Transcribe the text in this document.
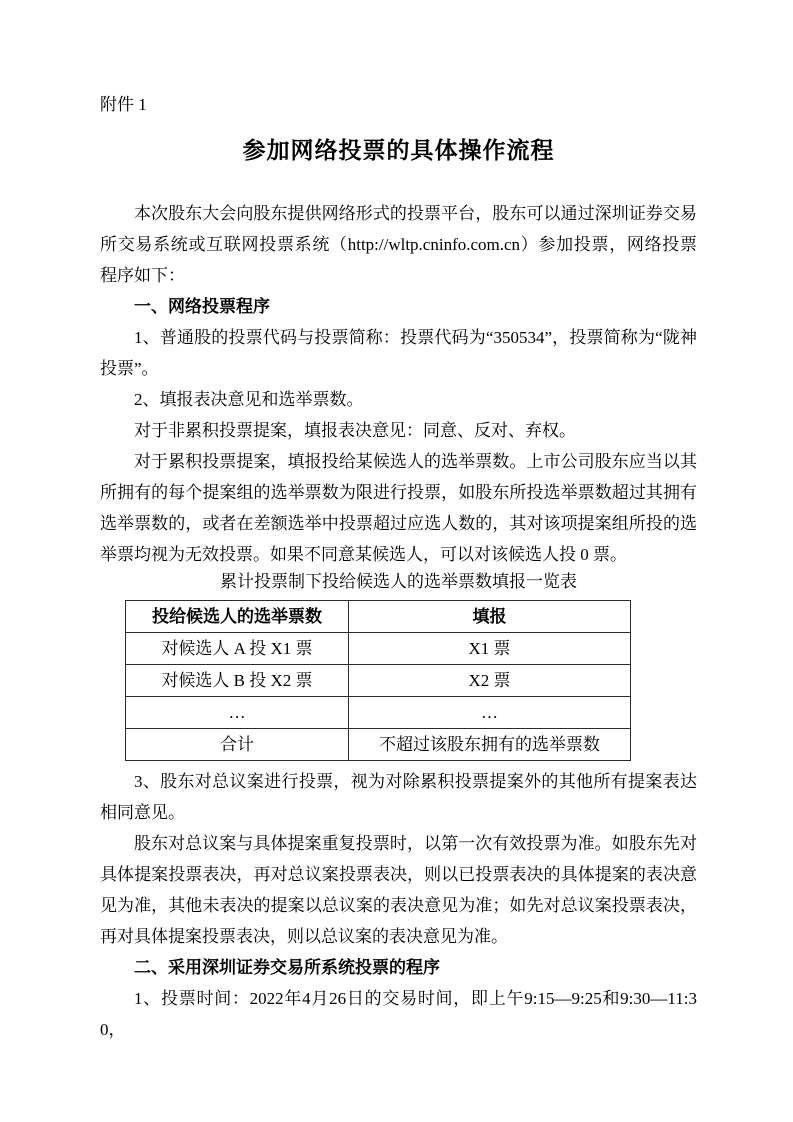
附件 1
参加网络投票的具体操作流程

本次股东大会向股东提供网络形式的投票平台，股东可以通过深圳证券交易所交易系统或互联网投票系统（http://wltp.cninfo.com.cn）参加投票，网络投票程序如下：

一、网络投票程序

1、普通股的投票代码与投票简称：投票代码为“350534”，投票简称为“陇神投票”。

2、填报表决意见和选举票数。

对于非累积投票提案，填报表决意见：同意、反对、弃权。

对于累积投票提案，填报投给某候选人的选举票数。上市公司股东应当以其所拥有的每个提案组的选举票数为限进行投票，如股东所投选举票数超过其拥有选举票数的，或者在差额选举中投票超过应选人数的，其对该项提案组所投的选举票均视为无效投票。如果不同意某候选人，可以对该候选人投 0 票。

累计投票制下投给候选人的选举票数填报一览表
投给候选人的选举票数	填报
对候选人 A 投 X1 票	X1 票
对候选人 B 投 X2 票	X2 票
…	…
合计	不超过该股东拥有的选举票数

3、股东对总议案进行投票，视为对除累积投票提案外的其他所有提案表达相同意见。

股东对总议案与具体提案重复投票时，以第一次有效投票为准。如股东先对具体提案投票表决，再对总议案投票表决，则以已投票表决的具体提案的表决意见为准，其他未表决的提案以总议案的表决意见为准；如先对总议案投票表决，再对具体提案投票表决，则以总议案的表决意见为准。

二、采用深圳证券交易所系统投票的程序

1、投票时间：2022年4月26日的交易时间，即上午9:15—9:25和9:30—11:30，
